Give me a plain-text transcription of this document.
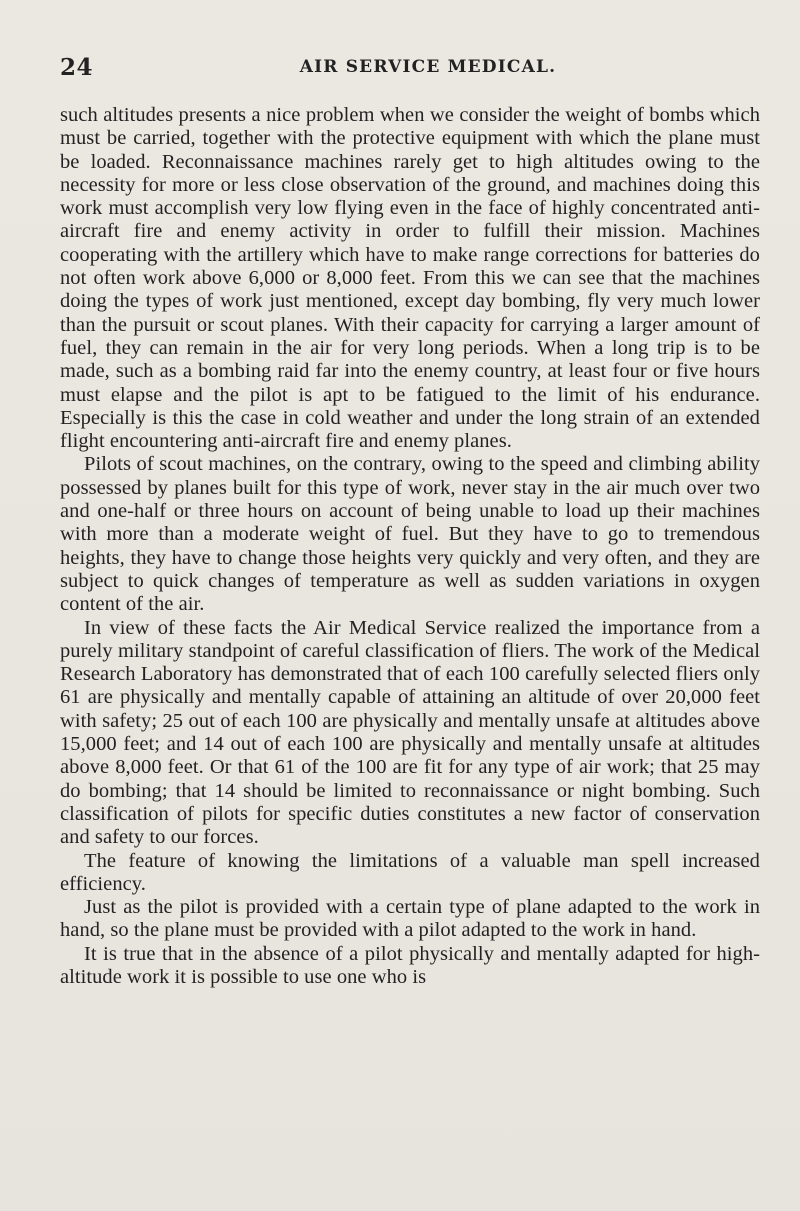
24	AIR SERVICE MEDICAL.

such altitudes presents a nice problem when we consider the weight of bombs which must be carried, together with the protective equipment with which the plane must be loaded. Reconnaissance machines rarely get to high altitudes owing to the necessity for more or less close observation of the ground, and machines doing this work must accomplish very low flying even in the face of highly concentrated anti-aircraft fire and enemy activity in order to fulfill their mission. Machines cooperating with the artillery which have to make range corrections for batteries do not often work above 6,000 or 8,000 feet. From this we can see that the machines doing the types of work just mentioned, except day bombing, fly very much lower than the pursuit or scout planes. With their capacity for carrying a larger amount of fuel, they can remain in the air for very long periods. When a long trip is to be made, such as a bombing raid far into the enemy country, at least four or five hours must elapse and the pilot is apt to be fatigued to the limit of his endurance. Especially is this the case in cold weather and under the long strain of an extended flight encountering anti-aircraft fire and enemy planes.

Pilots of scout machines, on the contrary, owing to the speed and climbing ability possessed by planes built for this type of work, never stay in the air much over two and one-half or three hours on account of being unable to load up their machines with more than a moderate weight of fuel. But they have to go to tremendous heights, they have to change those heights very quickly and very often, and they are subject to quick changes of temperature as well as sudden variations in oxygen content of the air.

In view of these facts the Air Medical Service realized the importance from a purely military standpoint of careful classification of fliers. The work of the Medical Research Laboratory has demonstrated that of each 100 carefully selected fliers only 61 are physically and mentally capable of attaining an altitude of over 20,000 feet with safety; 25 out of each 100 are physically and mentally unsafe at altitudes above 15,000 feet; and 14 out of each 100 are physically and mentally unsafe at altitudes above 8,000 feet. Or that 61 of the 100 are fit for any type of air work; that 25 may do bombing; that 14 should be limited to reconnaissance or night bombing. Such classification of pilots for specific duties constitutes a new factor of conservation and safety to our forces.

The feature of knowing the limitations of a valuable man spell increased efficiency.

Just as the pilot is provided with a certain type of plane adapted to the work in hand, so the plane must be provided with a pilot adapted to the work in hand.

It is true that in the absence of a pilot physically and mentally adapted for high-altitude work it is possible to use one who is
